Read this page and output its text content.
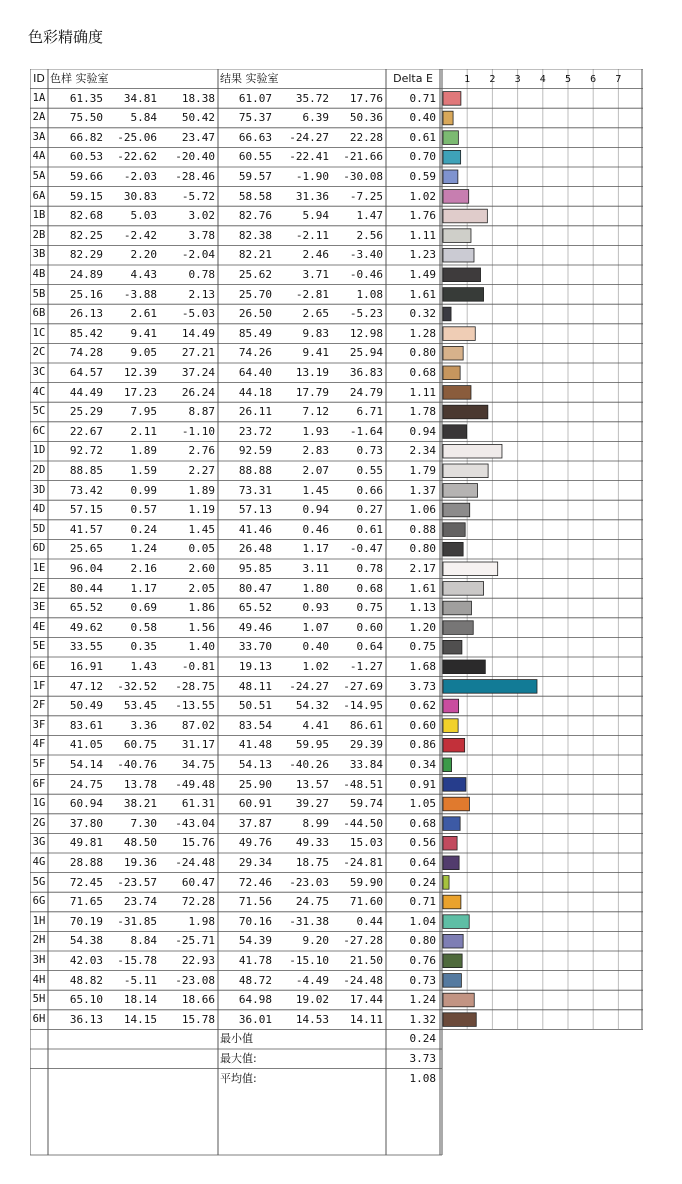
色彩精确度
1 2 3 4 5 6 7
ID 色样 实验室	结果 实验室	Delta E
1A	61.35	34.81	18.38	61.07	35.72	17.76	0.71
2A	75.50	5.84	50.42	75.37	6.39	50.36	0.40
3A	66.82	-25.06	23.47	66.63	-24.27	22.28	0.61
4A	60.53	-22.62	-20.40	60.55	-22.41	-21.66	0.70
5A	59.66	-2.03	-28.46	59.57	-1.90	-30.08	0.59
6A	59.15	30.83	-5.72	58.58	31.36	-7.25	1.02
1B	82.68	5.03	3.02	82.76	5.94	1.47	1.76
2B	82.25	-2.42	3.78	82.38	-2.11	2.56	1.11
3B	82.29	2.20	-2.04	82.21	2.46	-3.40	1.23
4B	24.89	4.43	0.78	25.62	3.71	-0.46	1.49
5B	25.16	-3.88	2.13	25.70	-2.81	1.08	1.61
6B	26.13	2.61	-5.03	26.50	2.65	-5.23	0.32
1C	85.42	9.41	14.49	85.49	9.83	12.98	1.28
2C	74.28	9.05	27.21	74.26	9.41	25.94	0.80
3C	64.57	12.39	37.24	64.40	13.19	36.83	0.68
4C	44.49	17.23	26.24	44.18	17.79	24.79	1.11
5C	25.29	7.95	8.87	26.11	7.12	6.71	1.78
6C	22.67	2.11	-1.10	23.72	1.93	-1.64	0.94
1D	92.72	1.89	2.76	92.59	2.83	0.73	2.34
2D	88.85	1.59	2.27	88.88	2.07	0.55	1.79
3D	73.42	0.99	1.89	73.31	1.45	0.66	1.37
4D	57.15	0.57	1.19	57.13	0.94	0.27	1.06
5D	41.57	0.24	1.45	41.46	0.46	0.61	0.88
6D	25.65	1.24	0.05	26.48	1.17	-0.47	0.80
1E	96.04	2.16	2.60	95.85	3.11	0.78	2.17
2E	80.44	1.17	2.05	80.47	1.80	0.68	1.61
3E	65.52	0.69	1.86	65.52	0.93	0.75	1.13
4E	49.62	0.58	1.56	49.46	1.07	0.60	1.20
5E	33.55	0.35	1.40	33.70	0.40	0.64	0.75
6E	16.91	1.43	-0.81	19.13	1.02	-1.27	1.68
1F	47.12	-32.52	-28.75	48.11	-24.27	-27.69	3.73
2F	50.49	53.45	-13.55	50.51	54.32	-14.95	0.62
3F	83.61	3.36	87.02	83.54	4.41	86.61	0.60
4F	41.05	60.75	31.17	41.48	59.95	29.39	0.86
5F	54.14	-40.76	34.75	54.13	-40.26	33.84	0.34
6F	24.75	13.78	-49.48	25.90	13.57	-48.51	0.91
1G	60.94	38.21	61.31	60.91	39.27	59.74	1.05
2G	37.80	7.30	-43.04	37.87	8.99	-44.50	0.68
3G	49.81	48.50	15.76	49.76	49.33	15.03	0.56
4G	28.88	19.36	-24.48	29.34	18.75	-24.81	0.64
5G	72.45	-23.57	60.47	72.46	-23.03	59.90	0.24
6G	71.65	23.74	72.28	71.56	24.75	71.60	0.71
1H	70.19	-31.85	1.98	70.16	-31.38	0.44	1.04
2H	54.38	8.84	-25.71	54.39	9.20	-27.28	0.80
3H	42.03	-15.78	22.93	41.78	-15.10	21.50	0.76
4H	48.82	-5.11	-23.08	48.72	-4.49	-24.48	0.73
5H	65.10	18.14	18.66	64.98	19.02	17.44	1.24
6H	36.13	14.15	15.78	36.01	14.53	14.11	1.32
最小值	0.24
最大值:	3.73
平均值:	1.08
